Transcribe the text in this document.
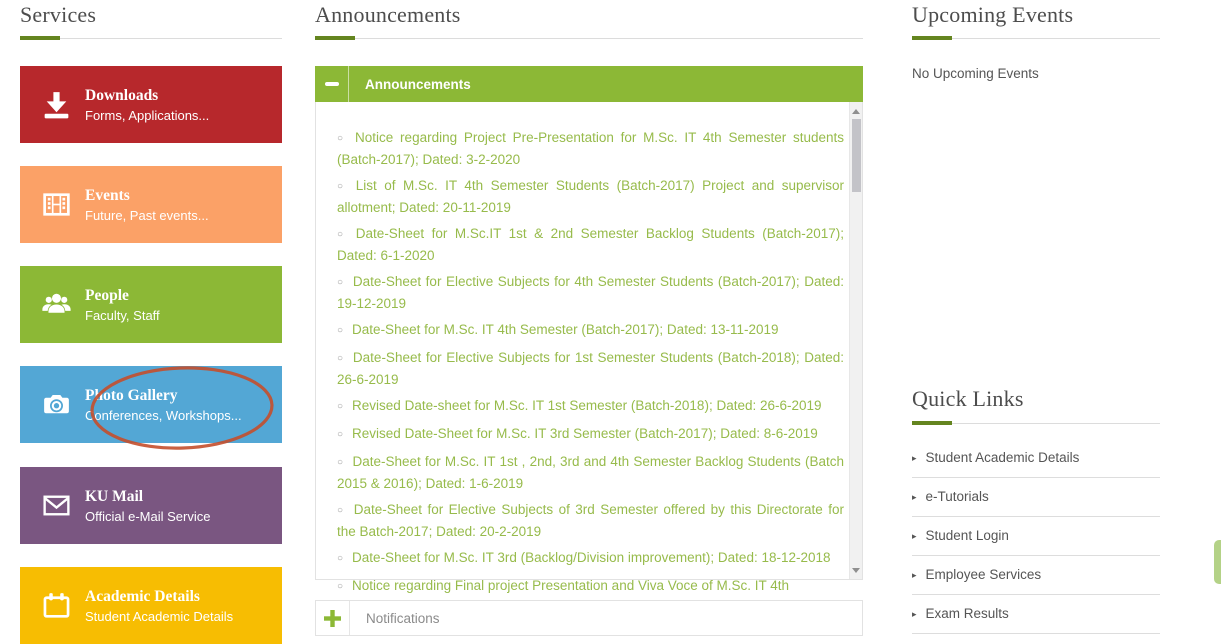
Services
Downloads
Forms, Applications...
Events
Future, Past events...
People
Faculty, Staff
Photo Gallery
Conferences, Workshops...
KU Mail
Official e-Mail Service
Academic Details
Student Academic Details
Announcements
Announcements

○ Notice regarding Project Pre-Presentation for M.Sc. IT 4th Semester students (Batch-2017); Dated: 3-2-2020

○ List of M.Sc. IT 4th Semester Students (Batch-2017) Project and supervisor allotment; Dated: 20-11-2019

○ Date-Sheet for M.Sc.IT 1st & 2nd Semester Backlog Students (Batch-2017); Dated: 6-1-2020

○ Date-Sheet for Elective Subjects for 4th Semester Students (Batch-2017); Dated: 19-12-2019

○ Date-Sheet for M.Sc. IT 4th Semester (Batch-2017); Dated: 13-11-2019

○ Date-Sheet for Elective Subjects for 1st Semester Students (Batch-2018); Dated: 26-6-2019

○ Revised Date-sheet for M.Sc. IT 1st Semester (Batch-2018); Dated: 26-6-2019

○ Revised Date-Sheet for M.Sc. IT 3rd Semester (Batch-2017); Dated: 8-6-2019

○ Date-Sheet for M.Sc. IT 1st , 2nd, 3rd and 4th Semester Backlog Students (Batch 2015 & 2016); Dated: 1-6-2019

○ Date-Sheet for Elective Subjects of 3rd Semester offered by this Directorate for the Batch-2017; Dated: 20-2-2019

○ Date-Sheet for M.Sc. IT 3rd (Backlog/Division improvement); Dated: 18-12-2018

○ Notice regarding Final project Presentation and Viva Voce of M.Sc. IT 4th

Notifications
Upcoming Events
No Upcoming Events
Quick Links
▸ Student Academic Details
▸ e-Tutorials
▸ Student Login
▸ Employee Services
▸ Exam Results
